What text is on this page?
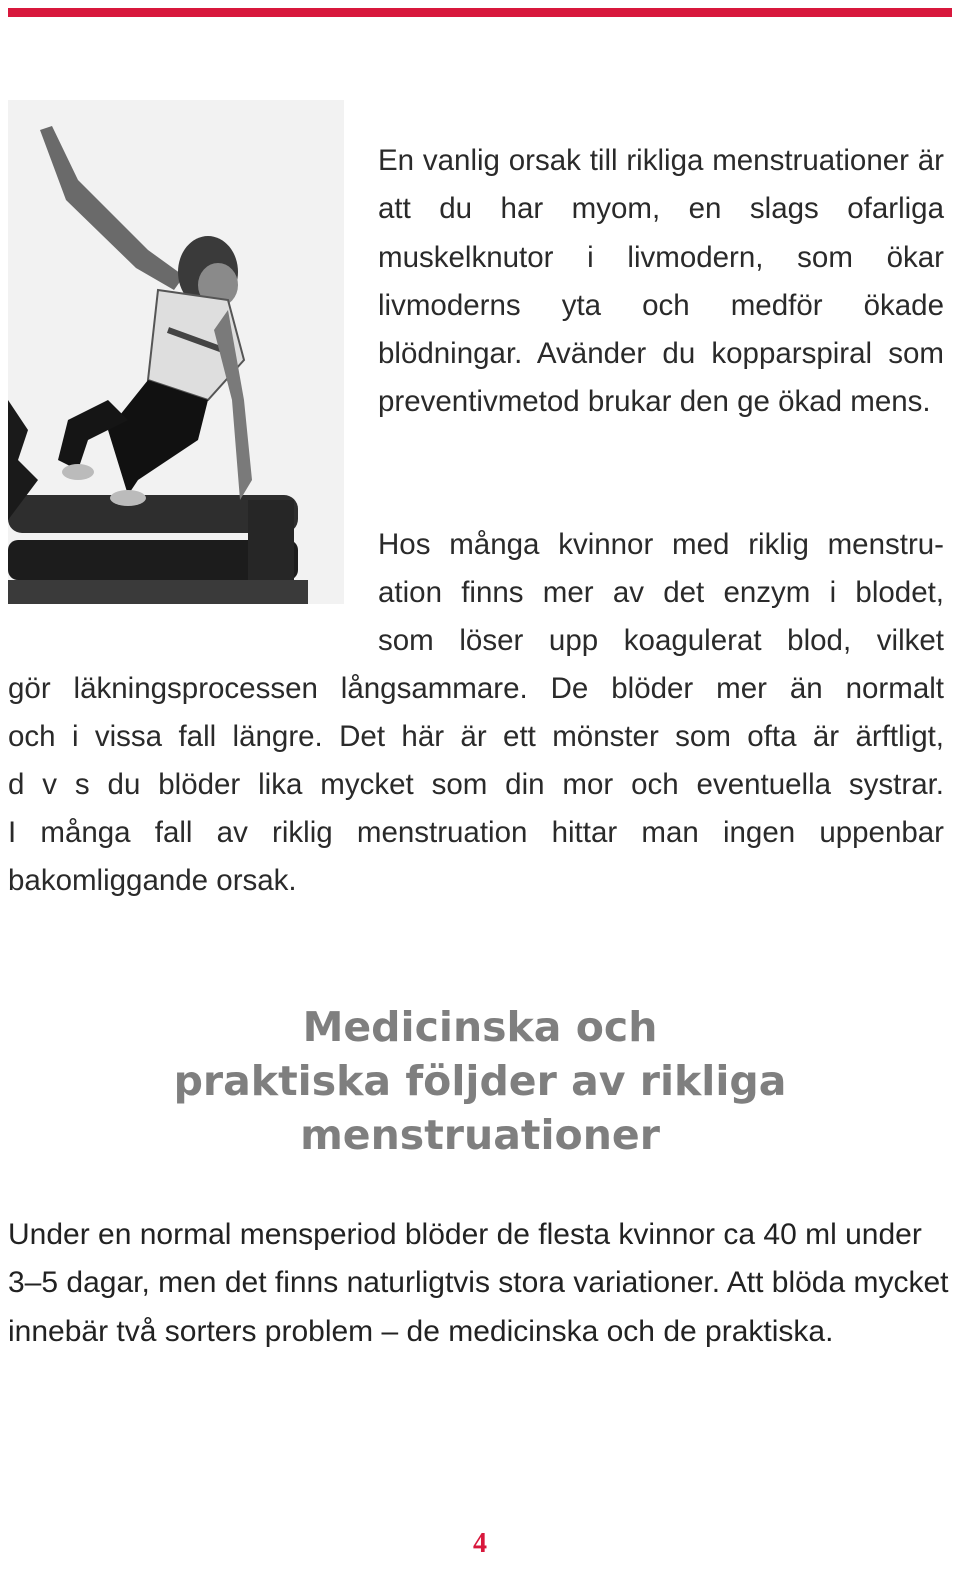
En vanlig orsak till rikliga menstruationer är att du har myom, en slags ofarliga muskelknutor i livmodern, som ökar livmoderns yta och medför ökade blödningar. Avänder du kopparspiral som preventivmetod brukar den ge ökad mens.
Hos många kvinnor med riklig menstru-
ation finns mer av det enzym i blodet,
som löser upp koagulerat blod, vilket
gör läkningsprocessen långsammare. De blöder mer än normalt
och i vissa fall längre. Det här är ett mönster som ofta är ärftligt,
d v s du blöder lika mycket som din mor och eventuella systrar.
I många fall av riklig menstruation hittar man ingen uppenbar
bakomliggande orsak.
Medicinska och
praktiska följder av rikliga
menstruationer
Under en normal mensperiod blöder de flesta kvinnor ca 40 ml under 3–5 dagar, men det finns naturligtvis stora variationer. Att blöda mycket innebär två sorters problem – de medicinska och de praktiska.
4
